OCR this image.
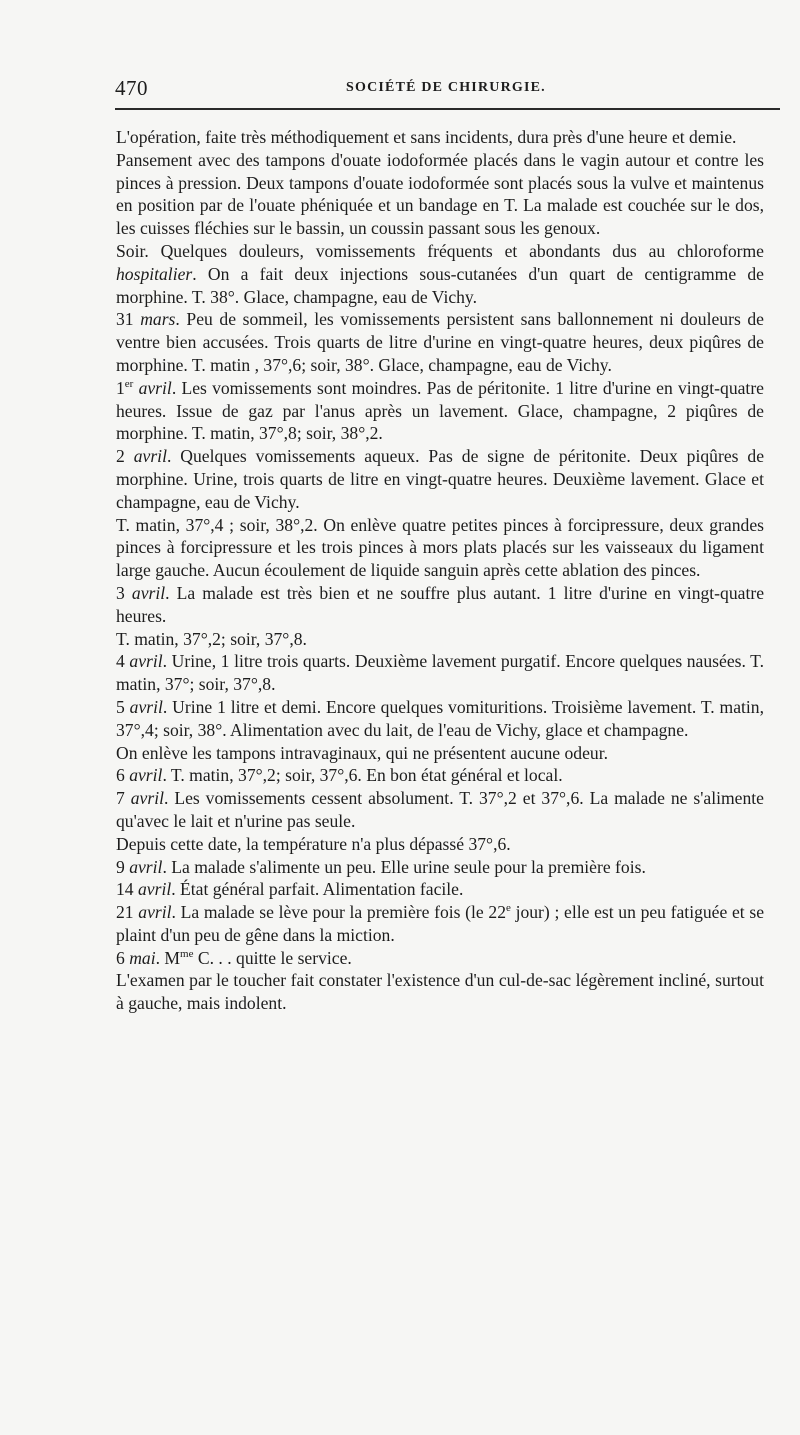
470	SOCIÉTÉ DE CHIRURGIE.

L'opération, faite très méthodiquement et sans incidents, dura près d'une heure et demie.

Pansement avec des tampons d'ouate iodoformée placés dans le vagin autour et contre les pinces à pression. Deux tampons d'ouate iodoformée sont placés sous la vulve et maintenus en position par de l'ouate phéniquée et un bandage en T. La malade est couchée sur le dos, les cuisses fléchies sur le bassin, un coussin passant sous les genoux.

Soir. Quelques douleurs, vomissements fréquents et abondants dus au chloroforme hospitalier. On a fait deux injections sous-cutanées d'un quart de centigramme de morphine. T. 38°. Glace, champagne, eau de Vichy.

31 mars. Peu de sommeil, les vomissements persistent sans ballonnement ni douleurs de ventre bien accusées. Trois quarts de litre d'urine en vingt-quatre heures, deux piqûres de morphine. T. matin , 37°,6; soir, 38°. Glace, champagne, eau de Vichy.

1er avril. Les vomissements sont moindres. Pas de péritonite. 1 litre d'urine en vingt-quatre heures. Issue de gaz par l'anus après un lavement. Glace, champagne, 2 piqûres de morphine. T. matin, 37°,8; soir, 38°,2.

2 avril. Quelques vomissements aqueux. Pas de signe de péritonite. Deux piqûres de morphine. Urine, trois quarts de litre en vingt-quatre heures. Deuxième lavement. Glace et champagne, eau de Vichy.

T. matin, 37°,4 ; soir, 38°,2. On enlève quatre petites pinces à forcipressure, deux grandes pinces à forcipressure et les trois pinces à mors plats placés sur les vaisseaux du ligament large gauche. Aucun écoulement de liquide sanguin après cette ablation des pinces.

3 avril. La malade est très bien et ne souffre plus autant. 1 litre d'urine en vingt-quatre heures.

T. matin, 37°,2; soir, 37°,8.

4 avril. Urine, 1 litre trois quarts. Deuxième lavement purgatif. Encore quelques nausées. T. matin, 37°; soir, 37°,8.

5 avril. Urine 1 litre et demi. Encore quelques vomituritions. Troisième lavement. T. matin, 37°,4; soir, 38°. Alimentation avec du lait, de l'eau de Vichy, glace et champagne.

On enlève les tampons intravaginaux, qui ne présentent aucune odeur.

6 avril. T. matin, 37°,2; soir, 37°,6. En bon état général et local.

7 avril. Les vomissements cessent absolument. T. 37°,2 et 37°,6. La malade ne s'alimente qu'avec le lait et n'urine pas seule.

Depuis cette date, la température n'a plus dépassé 37°,6.

9 avril. La malade s'alimente un peu. Elle urine seule pour la première fois.

14 avril. État général parfait. Alimentation facile.

21 avril. La malade se lève pour la première fois (le 22e jour) ; elle est un peu fatiguée et se plaint d'un peu de gêne dans la miction.

6 mai. $M^{me}$ C. . . quitte le service.

L'examen par le toucher fait constater l'existence d'un cul-de-sac légèrement incliné, surtout à gauche, mais indolent.
